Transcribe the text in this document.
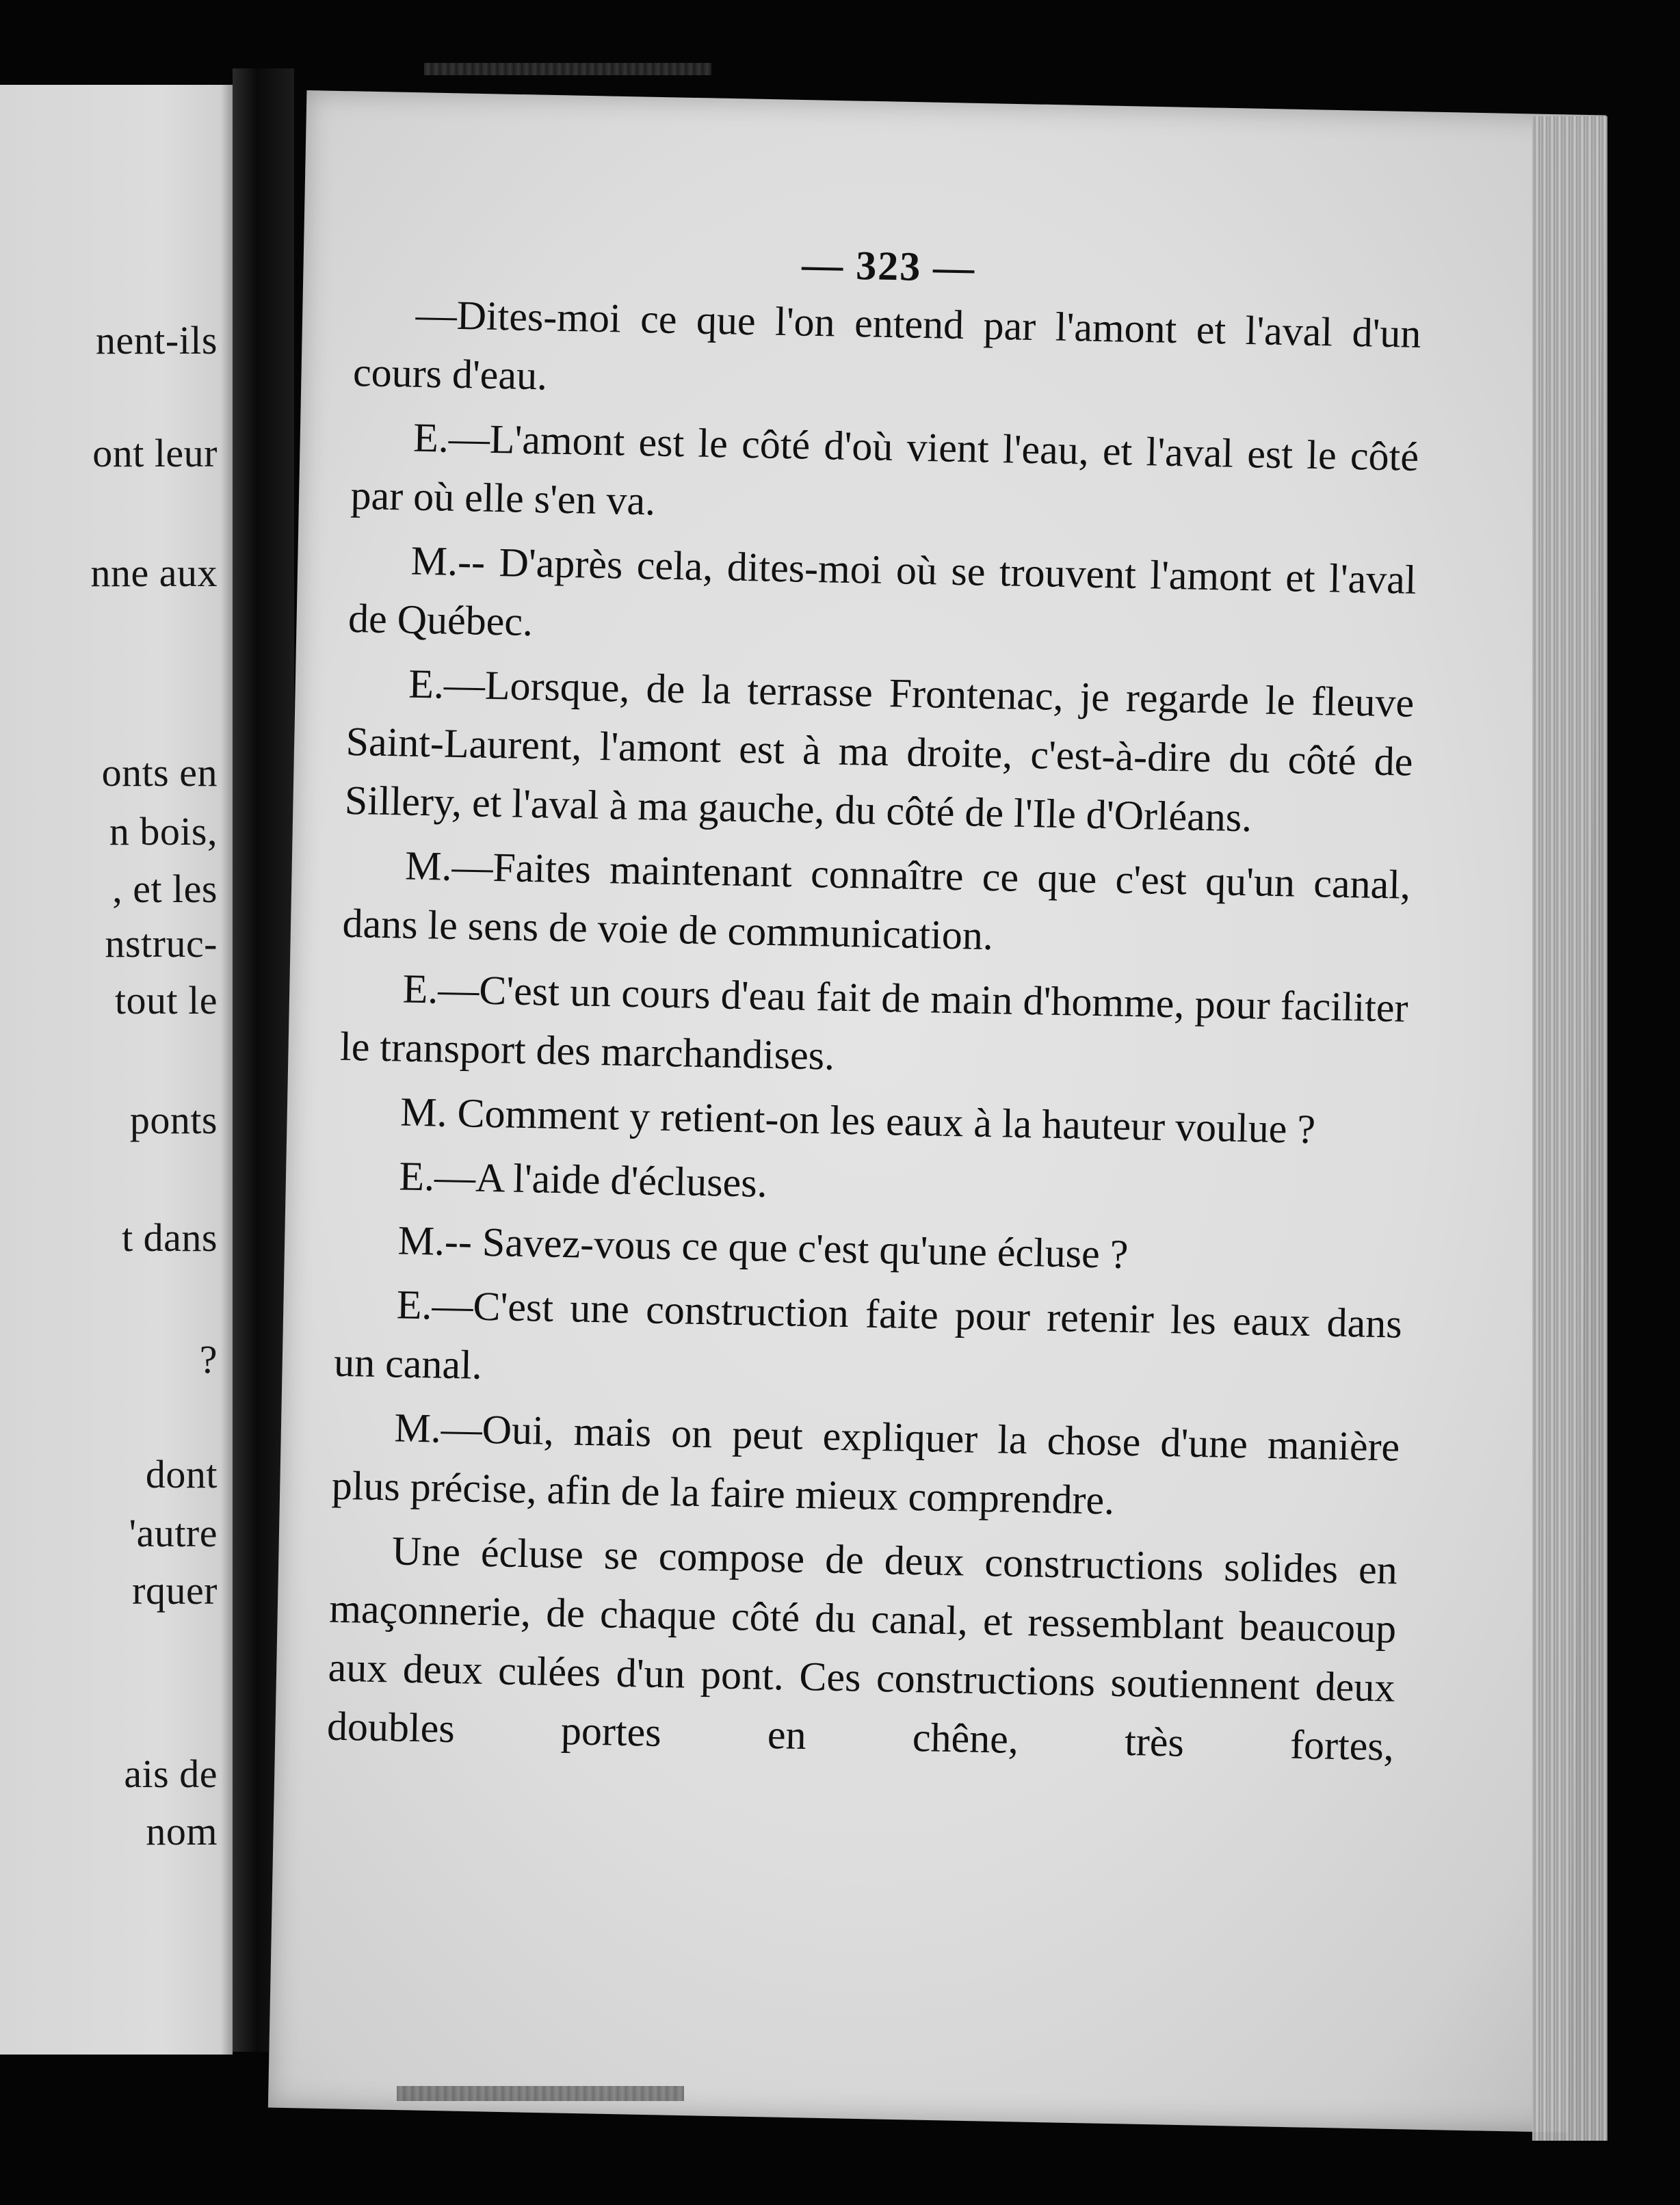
nent-ils
ont leur
nne aux
onts en
n bois,
, et les
nstruc-
tout le
ponts
t dans
?
dont
'autre
rquer
ais de
nom
— 323 —

—Dites-moi ce que l'on entend par l'amont et l'aval d'un cours d'eau.

E.—L'amont est le côté d'où vient l'eau, et l'aval est le côté par où elle s'en va.

M.-- D'après cela, dites-moi où se trouvent l'amont et l'aval de Québec.

E.—Lorsque, de la terrasse Frontenac, je regarde le fleuve Saint-Laurent, l'amont est à ma droite, c'est-à-dire du côté de Sillery, et l'aval à ma gauche, du côté de l'Ile d'Orléans.

M.—Faites maintenant connaître ce que c'est qu'un canal, dans le sens de voie de communication.

E.—C'est un cours d'eau fait de main d'homme, pour faciliter le transport des marchandises.

M. Comment y retient-on les eaux à la hauteur voulue ?

E.—A l'aide d'écluses.

M.-- Savez-vous ce que c'est qu'une écluse ?

E.—C'est une construction faite pour retenir les eaux dans un canal.

M.—Oui, mais on peut expliquer la chose d'une manière plus précise, afin de la faire mieux comprendre.

Une écluse se compose de deux constructions solides en maçonnerie, de chaque côté du canal, et ressemblant beaucoup aux deux culées d'un pont. Ces constructions soutiennent deux doubles portes en chêne, très fortes,
